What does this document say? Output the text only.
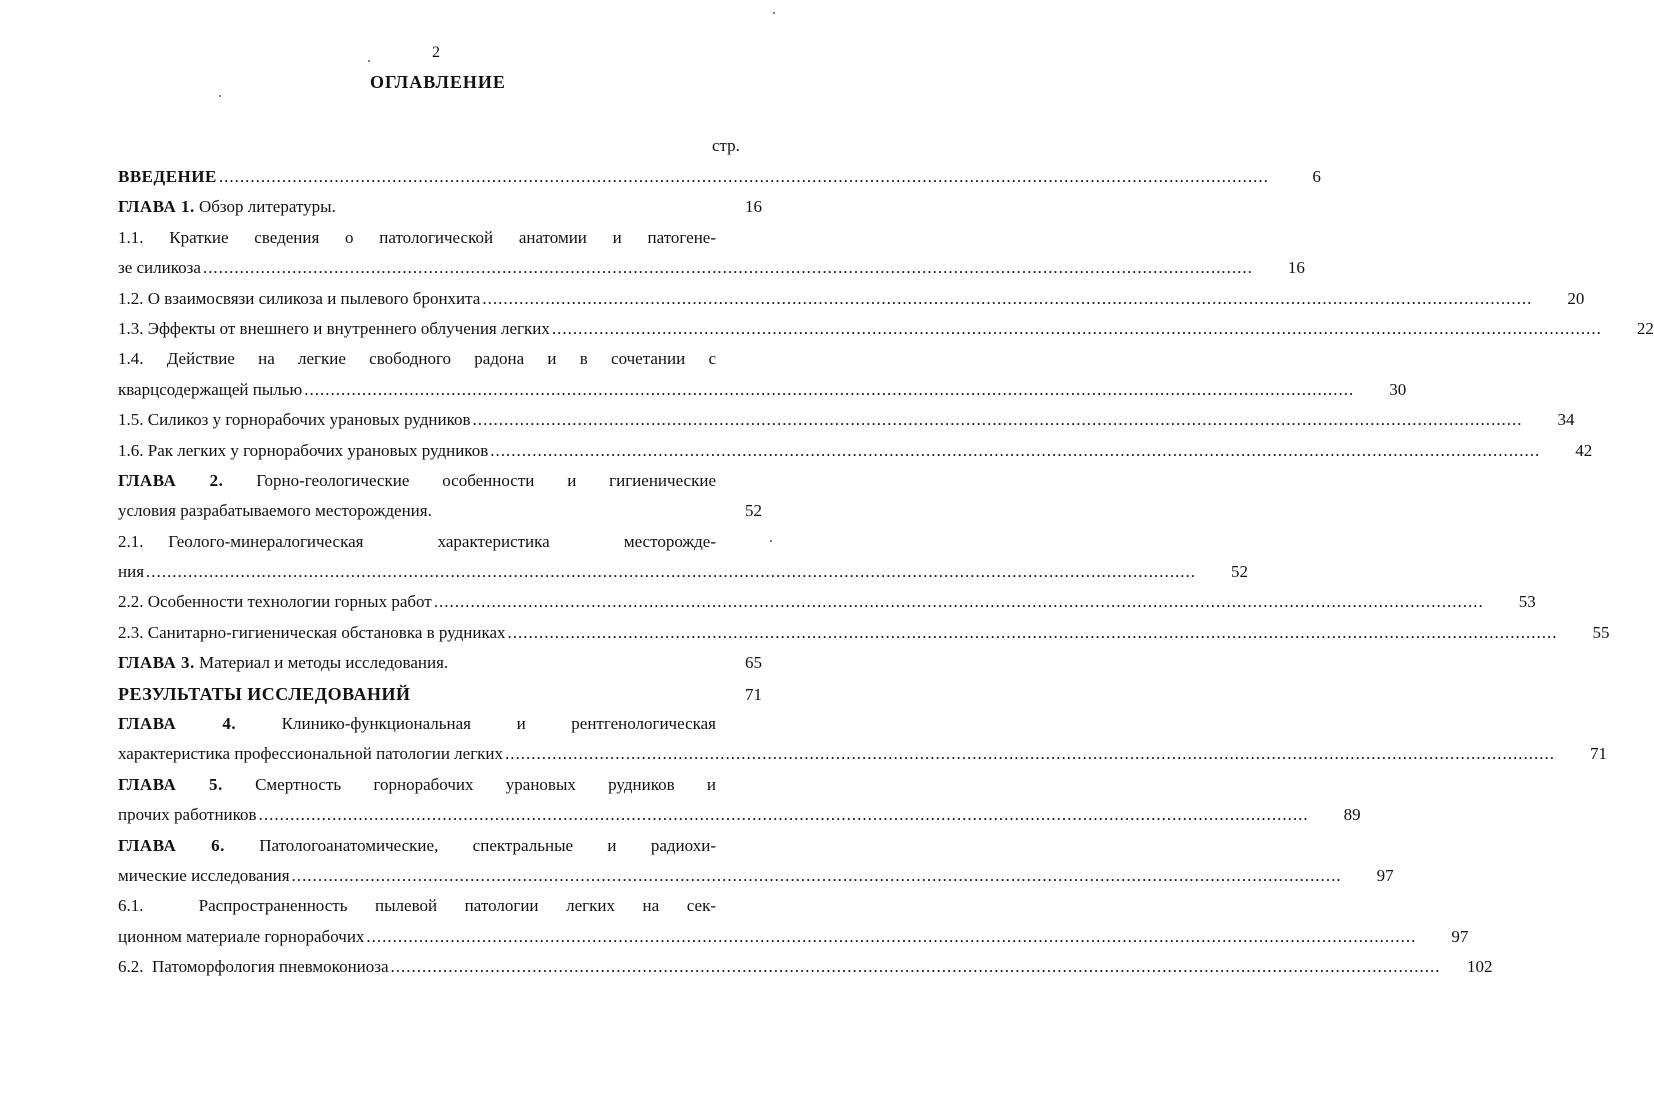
2
ОГЛАВЛЕНИЕ
стр.
ВВЕДЕНИЕ ........................................................................................................................................................................................................	6
ГЛАВА 1. Обзор литературы.	16
1.1. Краткие сведения о патологической анатомии и патогене-
зе силикоза ........................................................................................................................................................................................................	16
1.2. О взаимосвязи силикоза и пылевого бронхита ........................................................................................................................................................................................................	20
1.3. Эффекты от внешнего и внутреннего облучения легких ........................................................................................................................................................................................................	22
1.4. Действие на легкие свободного радона и в сочетании с
кварцсодержащей пылью ........................................................................................................................................................................................................	30
1.5. Силикоз у горнорабочих урановых рудников ........................................................................................................................................................................................................	34
1.6. Рак легких у горнорабочих урановых рудников ........................................................................................................................................................................................................	42
ГЛАВА 2. Горно-геологические особенности и гигиенические
условия разрабатываемого месторождения.	52
2.1. Геолого-минералогическая   характеристика   месторожде-
ния ........................................................................................................................................................................................................	52
2.2. Особенности технологии горных работ ........................................................................................................................................................................................................	53
2.3. Санитарно-гигиеническая обстановка в рудниках ........................................................................................................................................................................................................	55
ГЛАВА 3. Материал и методы исследования.	65
РЕЗУЛЬТАТЫ ИССЛЕДОВАНИЙ	71
ГЛАВА 4. Клинико-функциональная и рентгенологическая
характеристика профессиональной патологии легких ........................................................................................................................................................................................................	71
ГЛАВА 5. Смертность горнорабочих урановых рудников и
прочих работников ........................................................................................................................................................................................................	89
ГЛАВА 6. Патологоанатомические, спектральные и радиохи-
мические исследования ........................................................................................................................................................................................................	97
6.1.  Распространенность пылевой патологии легких на сек-
ционном материале горнорабочих ........................................................................................................................................................................................................	97
6.2.  Патоморфология пневмокониоза ........................................................................................................................................................................................................	102
